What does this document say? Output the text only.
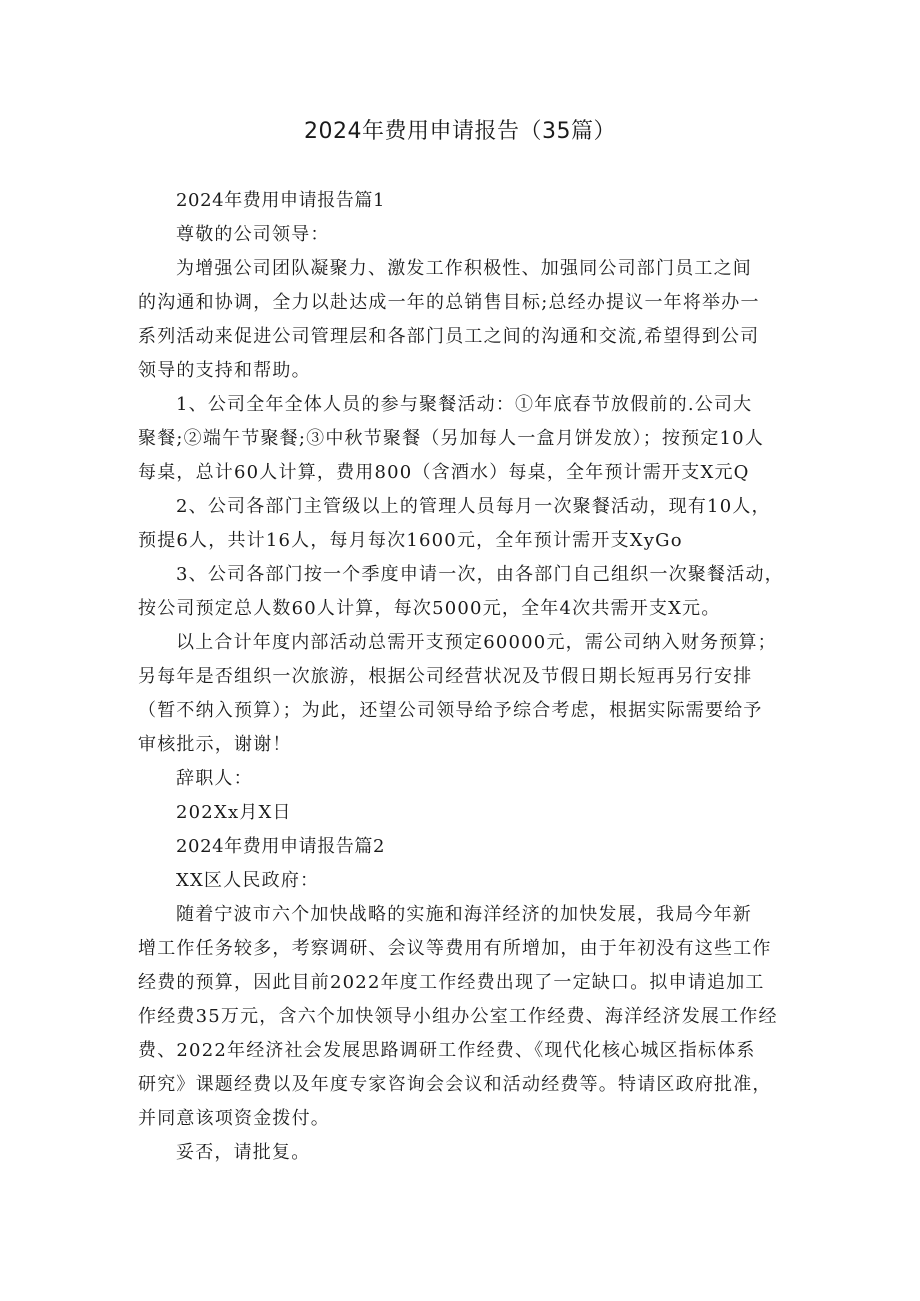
2024年费用申请报告（35篇）

2024年费用申请报告篇1

尊敬的公司领导：

为增强公司团队凝聚力、激发工作积极性、加强同公司部门员工之间

的沟通和协调，全力以赴达成一年的总销售目标;总经办提议一年将举办一

系列活动来促进公司管理层和各部门员工之间的沟通和交流,希望得到公司

领导的支持和帮助。

1、公司全年全体人员的参与聚餐活动：①年底春节放假前的.公司大

聚餐;②端午节聚餐;③中秋节聚餐（另加每人一盒月饼发放）；按预定10人

每桌，总计60人计算，费用800（含酒水）每桌，全年预计需开支X元Q

2、公司各部门主管级以上的管理人员每月一次聚餐活动，现有10人，

预提6人，共计16人，每月每次1600元，全年预计需开支XyGo

3、公司各部门按一个季度申请一次，由各部门自己组织一次聚餐活动，

按公司预定总人数60人计算，每次5000元，全年4次共需开支X元。

以上合计年度内部活动总需开支预定60000元，需公司纳入财务预算；

另每年是否组织一次旅游，根据公司经营状况及节假日期长短再另行安排

（暂不纳入预算）；为此，还望公司领导给予综合考虑，根据实际需要给予

审核批示，谢谢！

辞职人：

202Xx月X日

2024年费用申请报告篇2

XX区人民政府：

随着宁波市六个加快战略的实施和海洋经济的加快发展，我局今年新

增工作任务较多，考察调研、会议等费用有所增加，由于年初没有这些工作

经费的预算，因此目前2022年度工作经费出现了一定缺口。拟申请追加工

作经费35万元，含六个加快领导小组办公室工作经费、海洋经济发展工作经

费、2022年经济社会发展思路调研工作经费、《现代化核心城区指标体系

研究》课题经费以及年度专家咨询会会议和活动经费等。特请区政府批准，

并同意该项资金拨付。

妥否，请批复。
